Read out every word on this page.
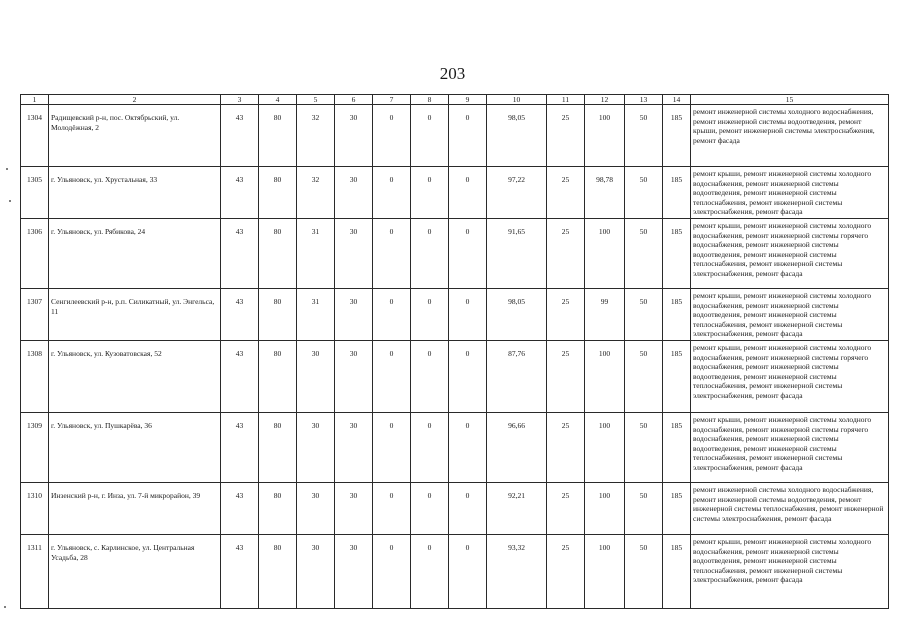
203
1	2	3	4	5	6	7	8	9	10	11	12	13	14	15
1304	Радищевский р-н, пос. Октябрьский, ул. Молодёжная, 2	43	80	32	30	0	0	0	98,05	25	100	50	185	ремонт инженерной системы холодного водоснабжения, ремонт инженерной системы водоотведения, ремонт крыши, ремонт инженерной системы электроснабжения, ремонт фасада
1305	г. Ульяновск, ул. Хрустальная, 33	43	80	32	30	0	0	0	97,22	25	98,78	50	185	ремонт крыши, ремонт инженерной системы холодного водоснабжения, ремонт инженерной системы водоотведения, ремонт инженерной системы теплоснабжения, ремонт инженерной системы электроснабжения, ремонт фасада
1306	г. Ульяновск, ул. Рябикова, 24	43	80	31	30	0	0	0	91,65	25	100	50	185	ремонт крыши, ремонт инженерной системы холодного водоснабжения, ремонт инженерной системы горячего водоснабжения, ремонт инженерной системы водоотведения, ремонт инженерной системы теплоснабжения, ремонт инженерной системы электроснабжения, ремонт фасада
1307	Сенгилеевский р-н, р.п. Силикатный, ул. Энгельса, 11	43	80	31	30	0	0	0	98,05	25	99	50	185	ремонт крыши, ремонт инженерной системы холодного водоснабжения, ремонт инженерной системы водоотведения, ремонт инженерной системы теплоснабжения, ремонт инженерной системы электроснабжения, ремонт фасада
1308	г. Ульяновск, ул. Кузоватовская, 52	43	80	30	30	0	0	0	87,76	25	100	50	185	ремонт крыши, ремонт инженерной системы холодного водоснабжения, ремонт инженерной системы горячего водоснабжения, ремонт инженерной системы водоотведения, ремонт инженерной системы теплоснабжения, ремонт инженерной системы электроснабжения, ремонт фасада
1309	г. Ульяновск, ул. Пушкарёва, 36	43	80	30	30	0	0	0	96,66	25	100	50	185	ремонт крыши, ремонт инженерной системы холодного водоснабжения, ремонт инженерной системы горячего водоснабжения, ремонт инженерной системы водоотведения, ремонт инженерной системы теплоснабжения, ремонт инженерной системы электроснабжения, ремонт фасада
1310	Инзенский р-н, г. Инза, ул. 7-й микрорайон, 39	43	80	30	30	0	0	0	92,21	25	100	50	185	ремонт инженерной системы холодного водоснабжения, ремонт инженерной системы водоотведения, ремонт инженерной системы теплоснабжения, ремонт инженерной системы электроснабжения, ремонт фасада
1311	г. Ульяновск, с. Карлинское, ул. Центральная Усадьба, 28	43	80	30	30	0	0	0	93,32	25	100	50	185	ремонт крыши, ремонт инженерной системы холодного водоснабжения, ремонт инженерной системы водоотведения, ремонт инженерной системы теплоснабжения, ремонт инженерной системы электроснабжения, ремонт фасада
